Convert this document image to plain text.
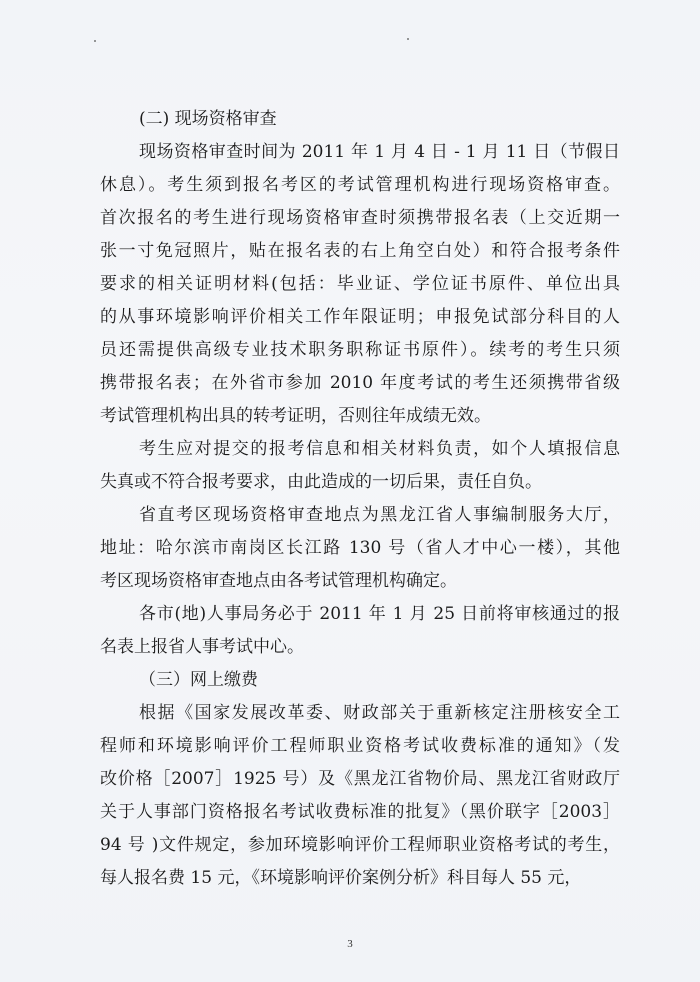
(二) 现场资格审查
现场资格审查时间为 2011 年 1 月 4 日 - 1 月 11 日（节假日
休息）。考生须到报名考区的考试管理机构进行现场资格审查。
首次报名的考生进行现场资格审查时须携带报名表（上交近期一
张一寸免冠照片，贴在报名表的右上角空白处）和符合报考条件
要求的相关证明材料(包括：毕业证、学位证书原件、单位出具
的从事环境影响评价相关工作年限证明；申报免试部分科目的人
员还需提供高级专业技术职务职称证书原件）。续考的考生只须
携带报名表；在外省市参加 2010 年度考试的考生还须携带省级
考试管理机构出具的转考证明，否则往年成绩无效。
考生应对提交的报考信息和相关材料负责，如个人填报信息
失真或不符合报考要求，由此造成的一切后果，责任自负。
省直考区现场资格审查地点为黑龙江省人事编制服务大厅，
地址：哈尔滨市南岗区长江路 130 号（省人才中心一楼），其他
考区现场资格审查地点由各考试管理机构确定。
各市(地)人事局务必于 2011 年 1 月 25 日前将审核通过的报
名表上报省人事考试中心。
（三）网上缴费
根据《国家发展改革委、财政部关于重新核定注册核安全工
程师和环境影响评价工程师职业资格考试收费标准的通知》（发
改价格［2007］1925 号）及《黑龙江省物价局、黑龙江省财政厅
关于人事部门资格报名考试收费标准的批复》（黑价联字［2003］
94 号 )文件规定，参加环境影响评价工程师职业资格考试的考生，
每人报名费 15 元，《环境影响评价案例分析》科目每人 55 元，
3
